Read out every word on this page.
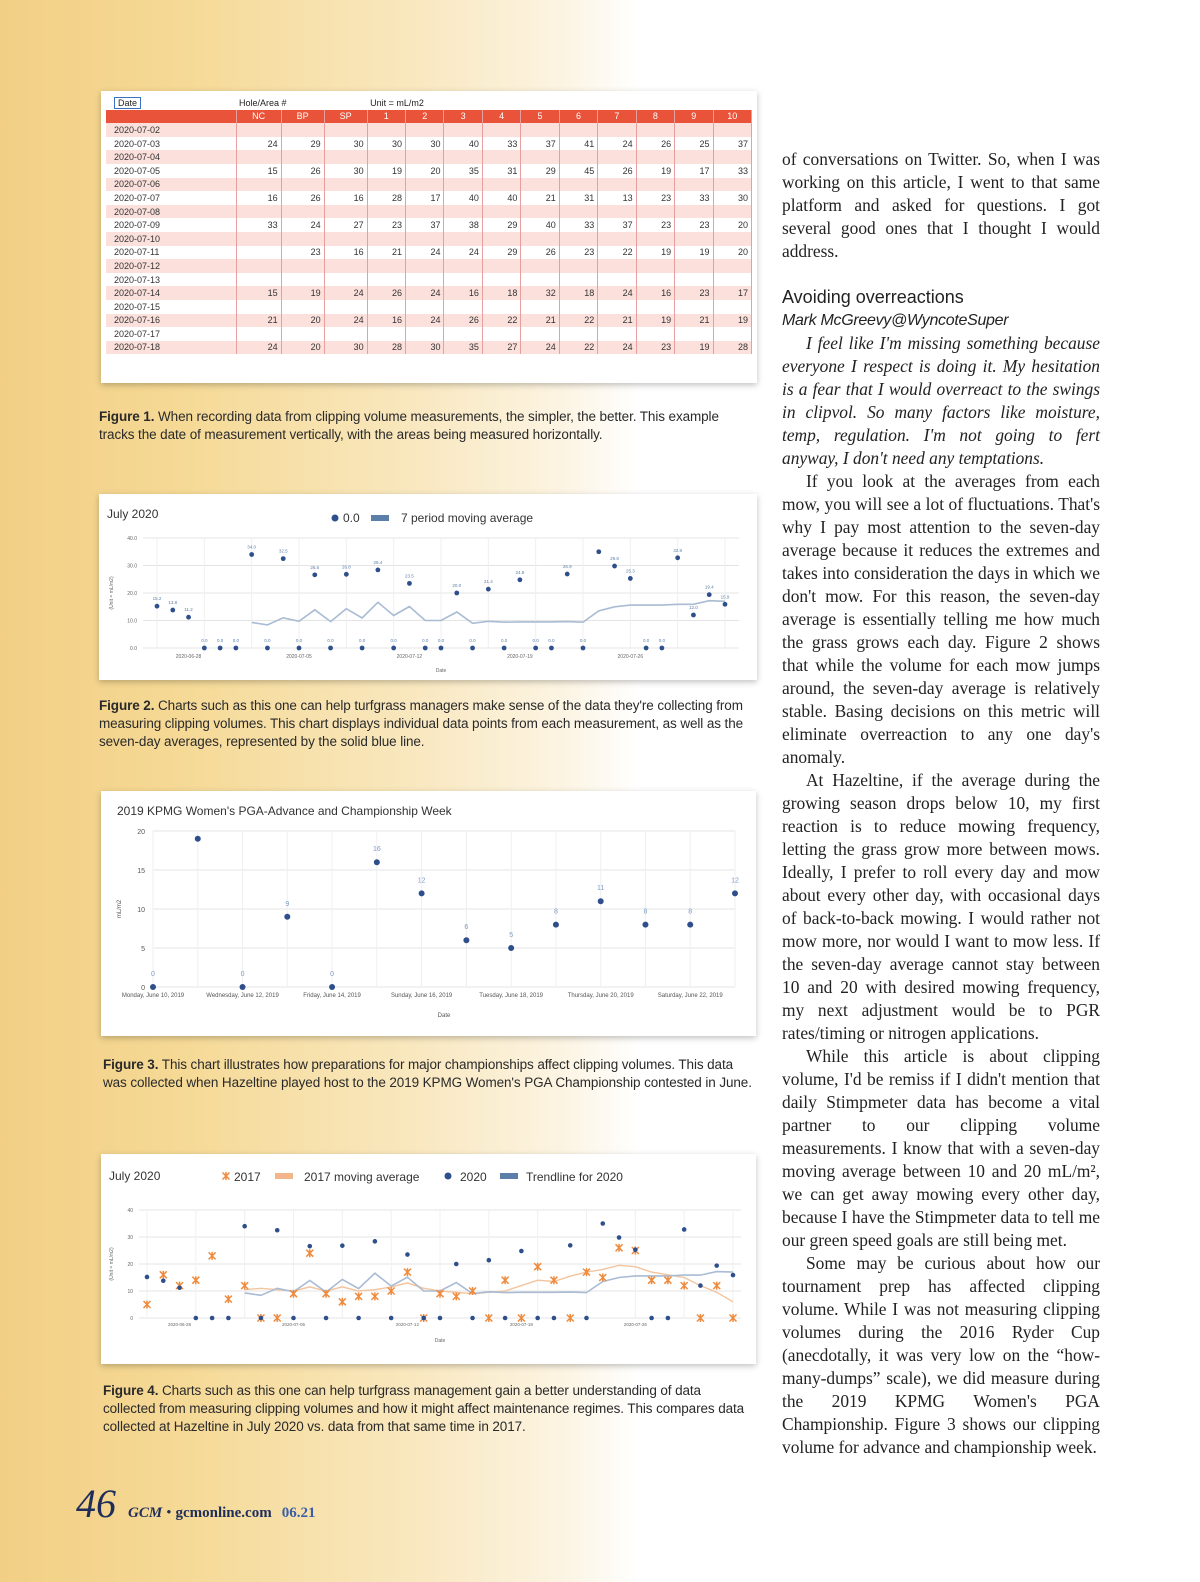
Date	Hole/Area #			Unit = mL/m2									
	NC	BP	SP	1	2	3	4	5	6	7	8	9	10
2020-07-02													
2020-07-03	24	29	30	30	30	40	33	37	41	24	26	25	37
2020-07-04													
2020-07-05	15	26	30	19	20	35	31	29	45	26	19	17	33
2020-07-06													
2020-07-07	16	26	16	28	17	40	40	21	31	13	23	33	30
2020-07-08													
2020-07-09	33	24	27	23	37	38	29	40	33	37	23	23	20
2020-07-10													
2020-07-11		23	16	21	24	24	29	26	23	22	19	19	20
2020-07-12													
2020-07-13													
2020-07-14	15	19	24	26	24	16	18	32	18	24	16	23	17
2020-07-15													
2020-07-16	21	20	24	16	24	26	22	21	22	21	19	21	19
2020-07-17													
2020-07-18	24	20	30	28	30	35	27	24	22	24	23	19	28
Figure 1. When recording data from clipping volume measurements, the simpler, the better. This example tracks the date of measurement vertically, with the areas being measured horizontally.
July 2020	0.0	7 period moving average
0.0
10.0
20.0
30.0
40.0
2020-06-28	2020-07-05	2020-07-12	2020-07-19	2020-07-26
Date
(Unit = mL/m2)	15.2
13.8
11.2
0.0 0.0 0.0
34.0
0.0
32.5
0.0
26.6
0.0
26.8
0.0
28.4
0.0
23.5
0.0 0.0
20.0
0.0
21.4
0.0
24.8
0.0 0.0
26.9
0.0
29.8
25.3
0.0 0.0
32.8
12.0
19.4
15.9
Figure 2. Charts such as this one can help turfgrass managers make sense of the data they're collecting from measuring clipping volumes. This chart displays individual data points from each measurement, as well as the seven-day averages, represented by the solid blue line.
2019 KPMG Women's PGA-Advance and Championship Week
0
5
10
15
20
Monday, June 10, 2019	Wednesday, June 12, 2019	Friday, June 14, 2019	Sunday, June 16, 2019	Tuesday, June 18, 2019	Thursday, June 20, 2019	Saturday, June 22, 2019
Date
mL/m2
0	0
9
0
16
12
6
5
8
11
8	8
12
Figure 3. This chart illustrates how preparations for major championships affect clipping volumes. This data was collected when Hazeltine played host to the 2019 KPMG Women's PGA Championship contested in June.
July 2020	2017	2017 moving average	2020	Trendline for 2020
0
10
20
30
40
2020-06-28	2020-07-05	2020-07-12	2020-07-19	2020-07-26
Date
(Unit = mL/m2)
Figure 4. Charts such as this one can help turfgrass management gain a better understanding of data collected from measuring clipping volumes and how it might affect maintenance regimes. This compares data collected at Hazeltine in July 2020 vs. data from that same time in 2017.

of conversations on Twitter. So, when I was working on this article, I went to that same platform and asked for questions. I got several good ones that I thought I would address.

Avoiding overreactions

Mark McGreevy@WyncoteSuper

I feel like I'm missing something because everyone I respect is doing it. My hesitation is a fear that I would overreact to the swings in clipvol. So many factors like moisture, temp, regulation. I'm not going to fert anyway, I don't need any temptations.

If you look at the averages from each mow, you will see a lot of fluctuations. That's why I pay most attention to the seven-day average because it reduces the extremes and takes into consideration the days in which we don't mow. For this reason, the seven-day average is essentially telling me how much the grass grows each day. Figure 2 shows that while the volume for each mow jumps around, the seven-day average is relatively stable. Basing decisions on this metric will eliminate overreaction to any one day's anomaly.

At Hazeltine, if the average during the growing season drops below 10, my first reaction is to reduce mowing frequency, letting the grass grow more between mows. Ideally, I prefer to roll every day and mow about every other day, with occasional days of back-to-back mowing. I would rather not mow more, nor would I want to mow less. If the seven-day average cannot stay between 10 and 20 with desired mowing frequency, my next adjustment would be to PGR rates/timing or nitrogen applications.

While this article is about clipping volume, I'd be remiss if I didn't mention that daily Stimpmeter data has become a vital partner to our clipping volume measurements. I know that with a seven-day moving average between 10 and 20 mL/m², we can get away mowing every other day, because I have the Stimpmeter data to tell me our green speed goals are still being met.

Some may be curious about how our tournament prep has affected clipping volume. While I was not measuring clipping volumes during the 2016 Ryder Cup (anecdotally, it was very low on the “how-many-dumps” scale), we did measure during the 2019 KPMG Women's PGA Championship. Figure 3 shows our clipping volume for advance and championship week.

46 GCM • gcmonline.com 06.21
